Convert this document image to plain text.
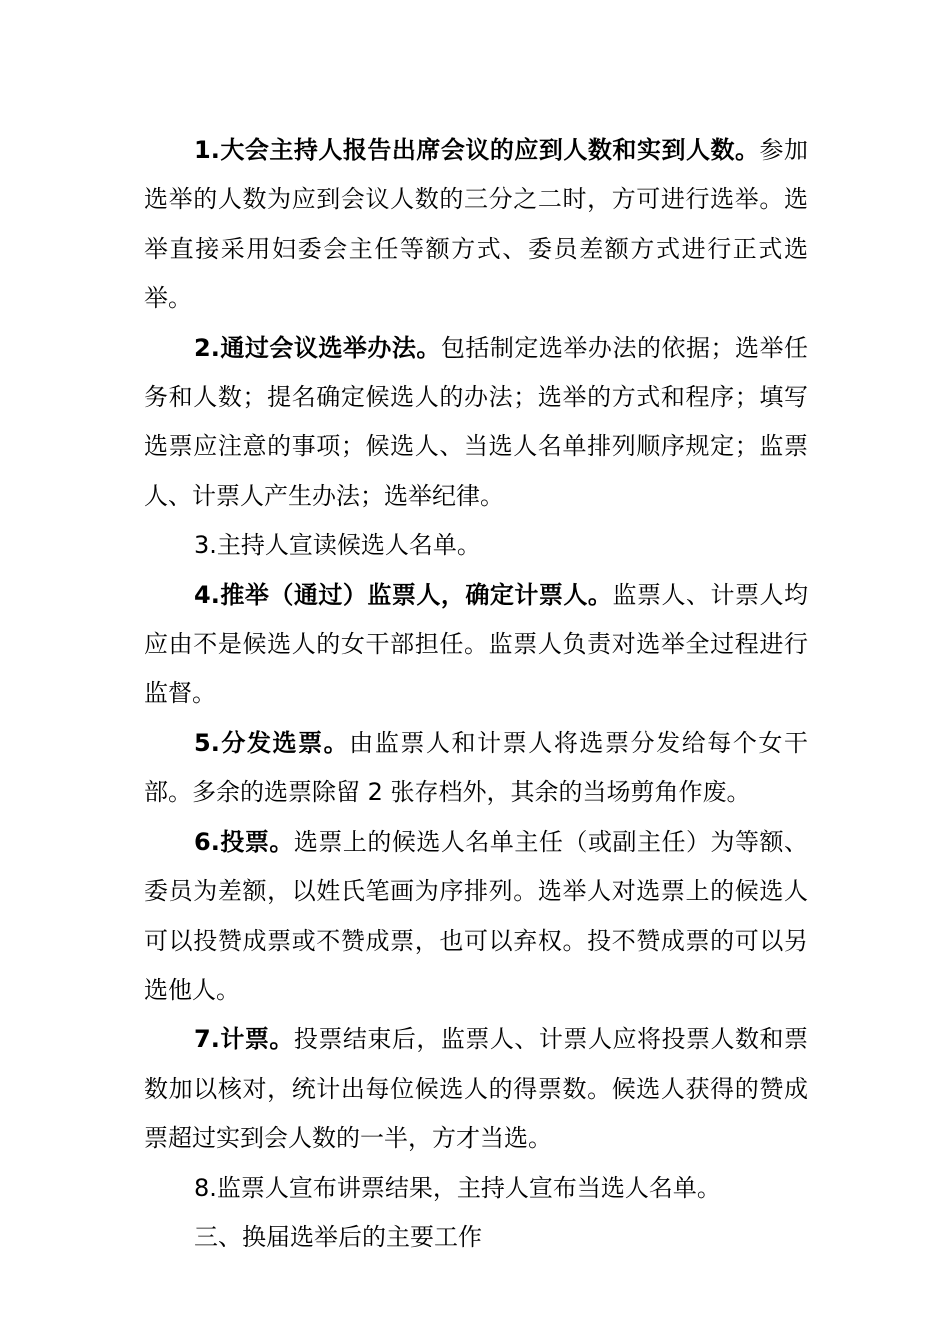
1.大会主持人报告出席会议的应到人数和实到人数。参加选举的人数为应到会议人数的三分之二时，方可进行选举。选举直接采用妇委会主任等额方式、委员差额方式进行正式选举。

2.通过会议选举办法。包括制定选举办法的依据；选举任务和人数；提名确定候选人的办法；选举的方式和程序；填写选票应注意的事项；候选人、当选人名单排列顺序规定；监票人、计票人产生办法；选举纪律。

3.主持人宣读候选人名单。

4.推举（通过）监票人，确定计票人。监票人、计票人均应由不是候选人的女干部担任。监票人负责对选举全过程进行监督。

5.分发选票。由监票人和计票人将选票分发给每个女干部。多余的选票除留 2 张存档外，其余的当场剪角作废。

6.投票。选票上的候选人名单主任（或副主任）为等额、委员为差额，以姓氏笔画为序排列。选举人对选票上的候选人可以投赞成票或不赞成票，也可以弃权。投不赞成票的可以另选他人。

7.计票。投票结束后，监票人、计票人应将投票人数和票数加以核对，统计出每位候选人的得票数。候选人获得的赞成票超过实到会人数的一半，方才当选。

8.监票人宣布讲票结果，主持人宣布当选人名单。

三、换届选举后的主要工作
